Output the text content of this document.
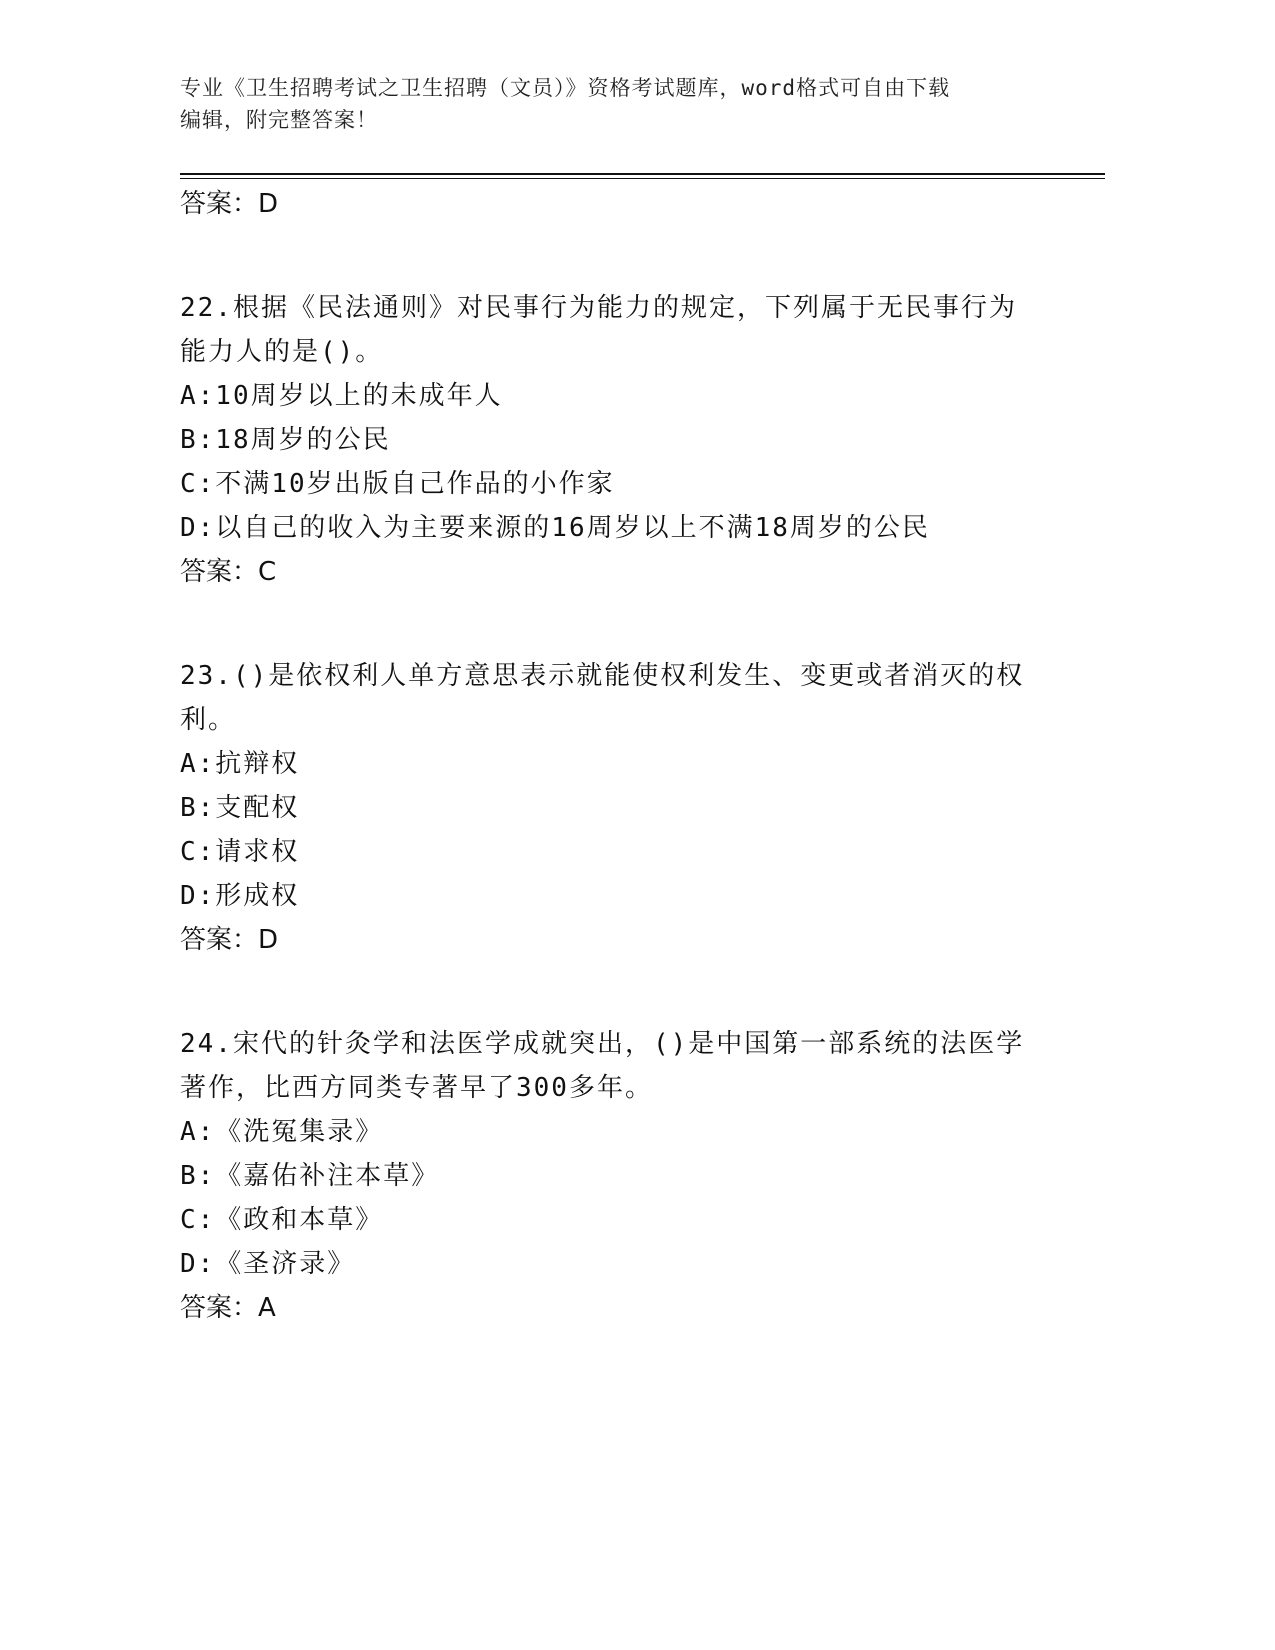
专业《卫生招聘考试之卫生招聘（文员）》资格考试题库，word格式可自由下载
编辑，附完整答案！

答案：D

22.根据《民法通则》对民事行为能力的规定，下列属于无民事行为能力人的是()。

A:10周岁以上的未成年人

B:18周岁的公民

C:不满10岁出版自己作品的小作家

D:以自己的收入为主要来源的16周岁以上不满18周岁的公民

答案：C

23.()是依权利人单方意思表示就能使权利发生、变更或者消灭的权利。

A:抗辩权

B:支配权

C:请求权

D:形成权

答案：D

24.宋代的针灸学和法医学成就突出，()是中国第一部系统的法医学著作，比西方同类专著早了300多年。

A:《洗冤集录》

B:《嘉佑补注本草》

C:《政和本草》

D:《圣济录》

答案：A
